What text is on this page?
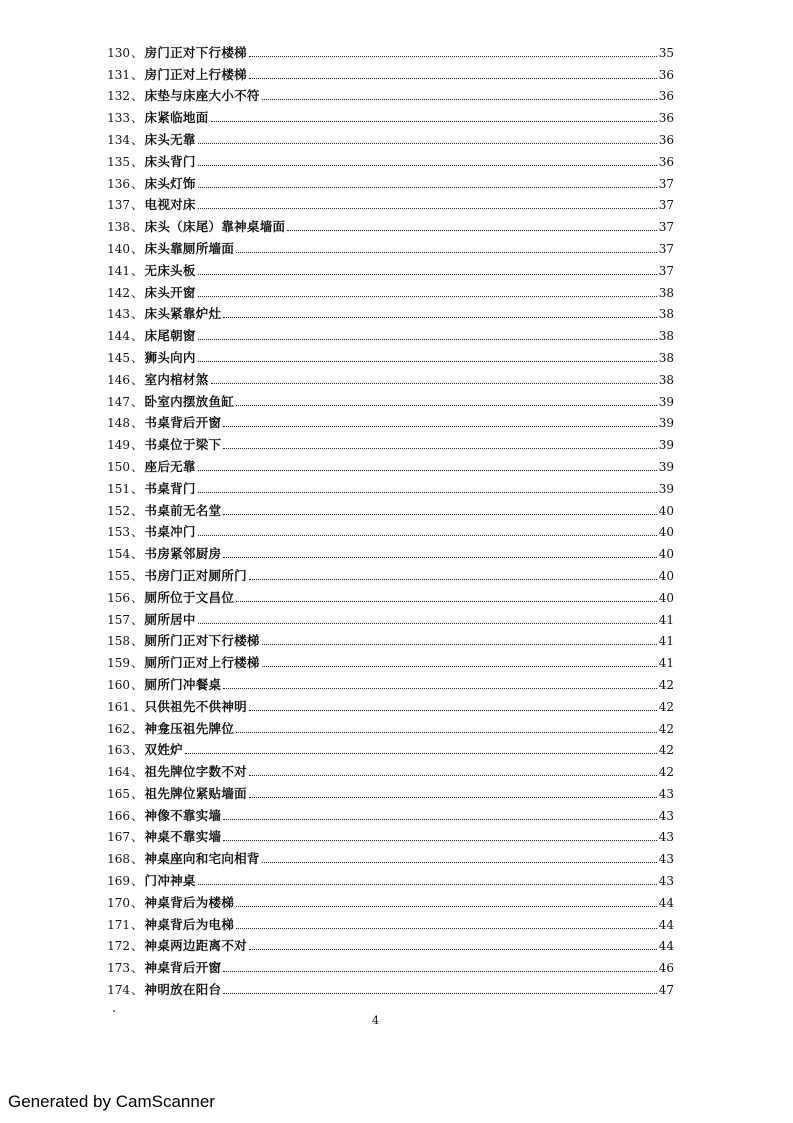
130 、 房门正对下行楼梯	35
131 、 房门正对上行楼梯	36
132 、 床垫与床座大小不符	36
133 、 床紧临地面	36
134 、 床头无靠	36
135 、 床头背门	36
136 、 床头灯饰	37
137 、 电视对床	37
138 、 床头（床尾）靠神桌墙面	37
140 、 床头靠厕所墙面	37
141 、 无床头板	37
142 、 床头开窗	38
143 、 床头紧靠炉灶	38
144 、 床尾朝窗	38
145 、 狮头向内	38
146 、 室内棺材煞	38
147 、 卧室内摆放鱼缸	39
148 、 书桌背后开窗	39
149 、 书桌位于梁下	39
150 、 座后无靠	39
151 、 书桌背门	39
152 、 书桌前无名堂	40
153 、 书桌冲门	40
154 、 书房紧邻厨房	40
155 、 书房门正对厕所门	40
156 、 厕所位于文昌位	40
157 、 厕所居中	41
158 、 厕所门正对下行楼梯	41
159 、 厕所门正对上行楼梯	41
160 、 厕所门冲餐桌	42
161 、 只供祖先不供神明	42
162 、 神龛压祖先牌位	42
163 、 双姓炉	42
164 、 祖先牌位字数不对	42
165 、 祖先牌位紧贴墙面	43
166 、 神像不靠实墙	43
167 、 神桌不靠实墙	43
168 、 神桌座向和宅向相背	43
169 、 门冲神桌	43
170 、 神桌背后为楼梯	44
171 、 神桌背后为电梯	44
172 、 神桌两边距离不对	44
173 、 神桌背后开窗	46
174 、 神明放在阳台	47
4
Generated by CamScanner
